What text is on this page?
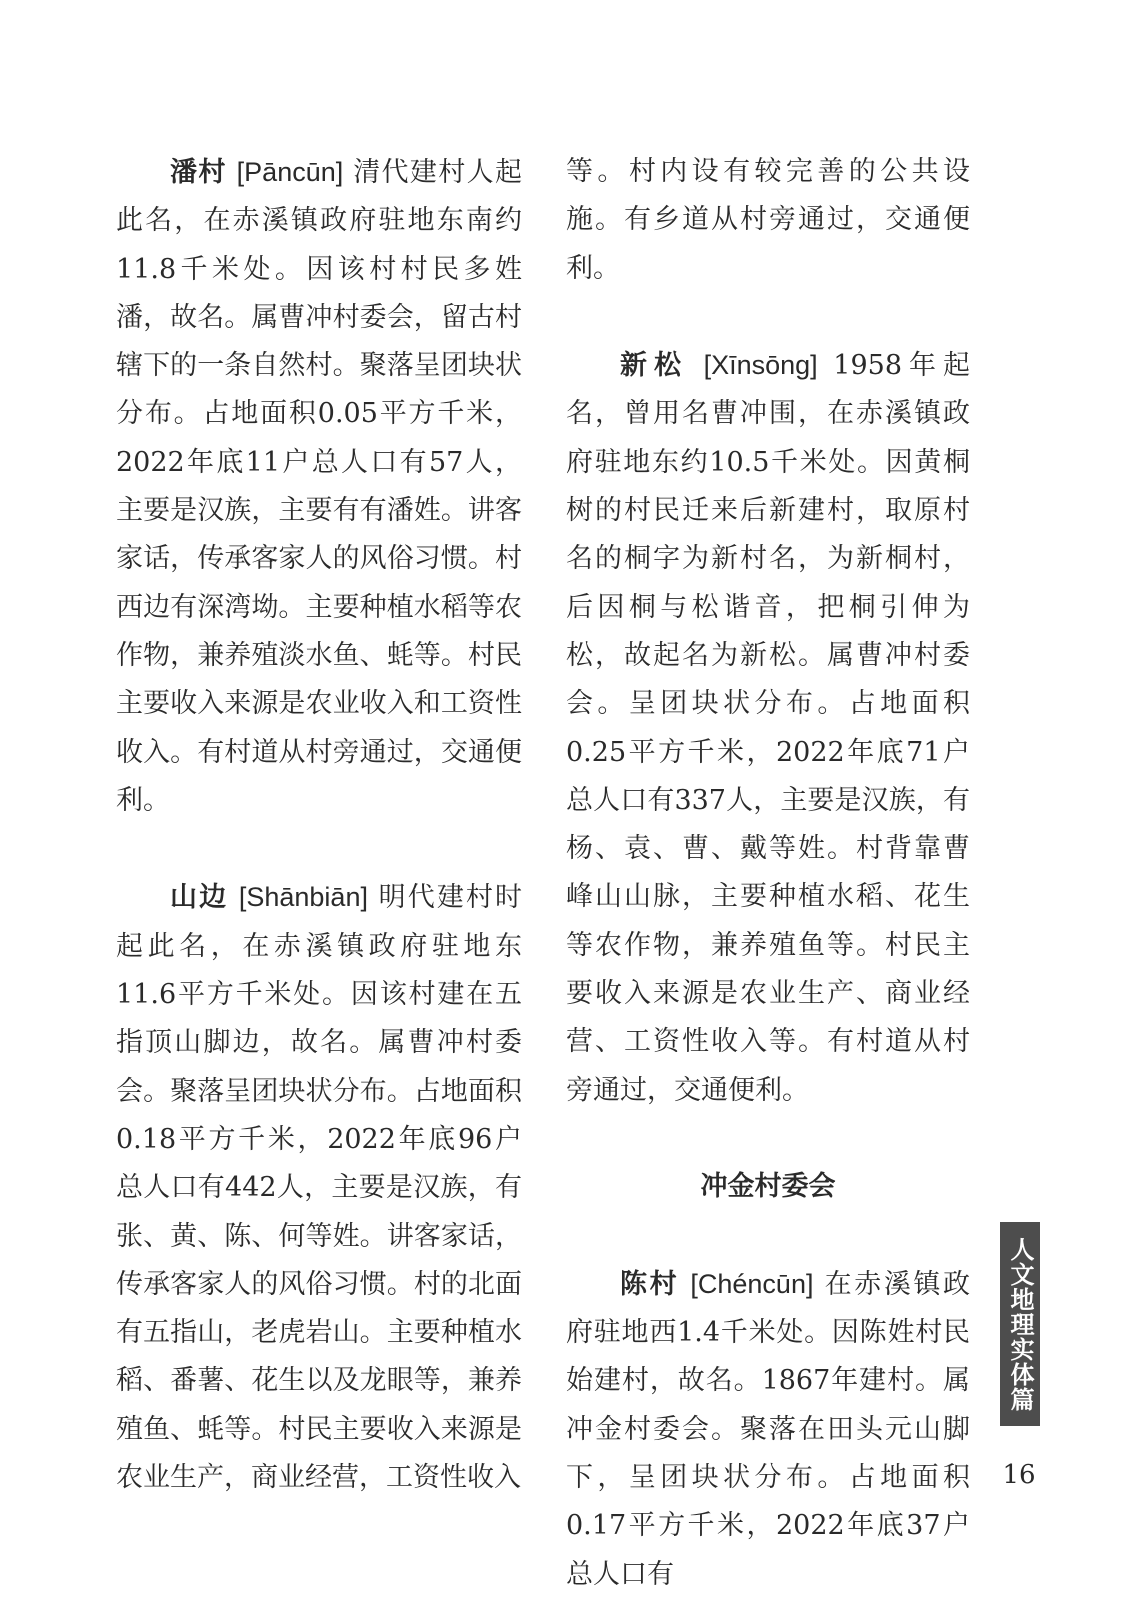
潘村 [Pāncūn] 清代建村人起此名，在赤溪镇政府驻地东南约11.8千米处。因该村村民多姓潘，故名。属曹冲村委会，留古村辖下的一条自然村。聚落呈团块状分布。占地面积0.05平方千米，2022年底11户总人口有57人，主要是汉族，主要有有潘姓。讲客家话，传承客家人的风俗习惯。村西边有深湾坳。主要种植水稻等农作物，兼养殖淡水鱼、蚝等。村民主要收入来源是农业收入和工资性收入。有村道从村旁通过，交通便利。

山边 [Shānbiān] 明代建村时起此名，在赤溪镇政府驻地东11.6平方千米处。因该村建在五指顶山脚边，故名。属曹冲村委会。聚落呈团块状分布。占地面积0.18平方千米，2022年底96户总人口有442人，主要是汉族，有张、黄、陈、何等姓。讲客家话，传承客家人的风俗习惯。村的北面有五指山，老虎岩山。主要种植水稻、番薯、花生以及龙眼等，兼养殖鱼、蚝等。村民主要收入来源是农业生产，商业经营，工资性收入

等。村内设有较完善的公共设施。有乡道从村旁通过，交通便利。

新松 [Xīnsōng] 1958年起名，曾用名曹冲围，在赤溪镇政府驻地东约10.5千米处。因黄桐树的村民迁来后新建村，取原村名的桐字为新村名，为新桐村，后因桐与松谐音，把桐引伸为松，故起名为新松。属曹冲村委会。呈团块状分布。占地面积0.25平方千米，2022年底71户总人口有337人，主要是汉族，有杨、袁、曹、戴等姓。村背靠曹峰山山脉，主要种植水稻、花生等农作物，兼养殖鱼等。村民主要收入来源是农业生产、商业经营、工资性收入等。有村道从村旁通过，交通便利。

冲金村委会

陈村 [Chéncūn] 在赤溪镇政府驻地西1.4千米处。因陈姓村民始建村，故名。1867年建村。属冲金村委会。聚落在田头元山脚下，呈团块状分布。占地面积0.17平方千米，2022年底37户总人口有

人文地理实体篇
16
